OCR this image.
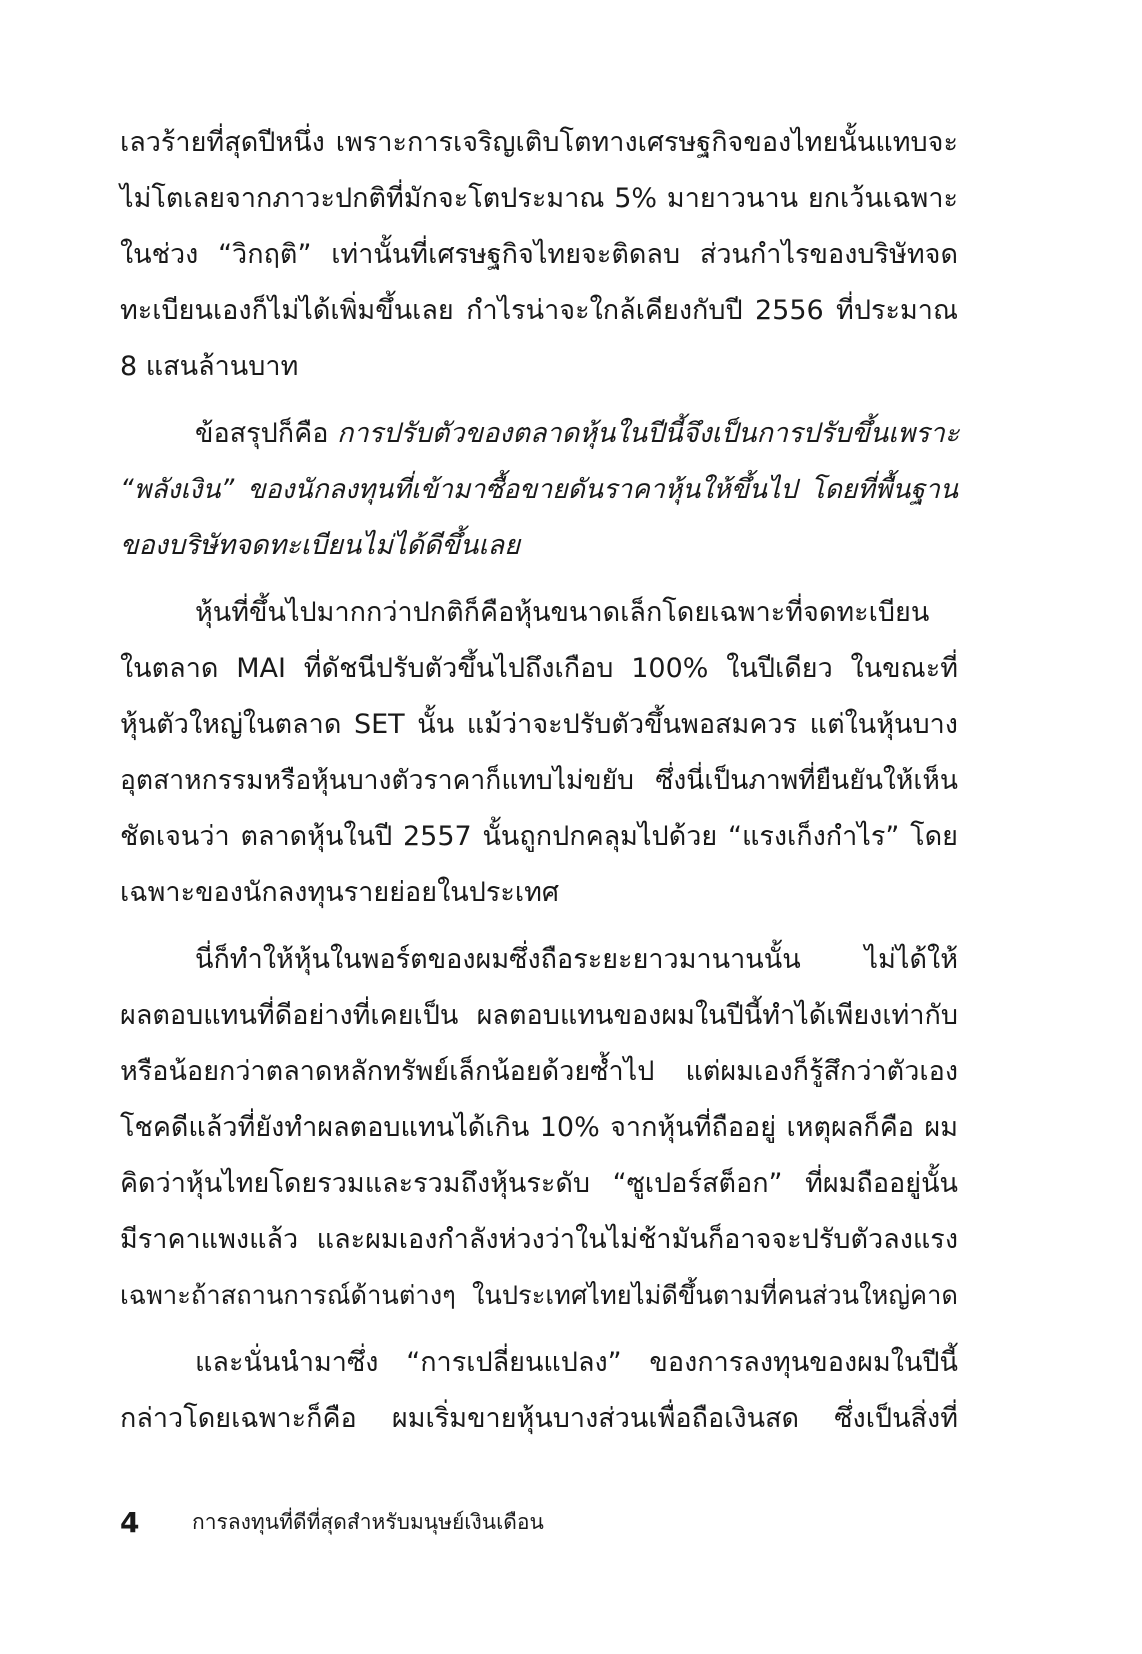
เลวร้ายที่สุดปีหนึ่ง เพราะการเจริญเติบโตทางเศรษฐกิจของไทยนั้นแทบจะ
ไม่โตเลยจากภาวะปกติที่มักจะโตประมาณ 5% มายาวนาน ยกเว้นเฉพาะ
ในช่วง “วิกฤติ” เท่านั้นที่เศรษฐกิจไทยจะติดลบ ส่วนกำไรของบริษัทจด
ทะเบียนเองก็ไม่ได้เพิ่มขึ้นเลย กำไรน่าจะใกล้เคียงกับปี 2556 ที่ประมาณ
8 แสนล้านบาท
ข้อสรุปก็คือ การปรับตัวของตลาดหุ้นในปีนี้จึงเป็นการปรับขึ้นเพราะ
“พลังเงิน” ของนักลงทุนที่เข้ามาซื้อขายดันราคาหุ้นให้ขึ้นไป โดยที่พื้นฐาน
ของบริษัทจดทะเบียนไม่ได้ดีขึ้นเลย
หุ้นที่ขึ้นไปมากกว่าปกติก็คือหุ้นขนาดเล็กโดยเฉพาะที่จดทะเบียน
ในตลาด MAI ที่ดัชนีปรับตัวขึ้นไปถึงเกือบ 100% ในปีเดียว ในขณะที่
หุ้นตัวใหญ่ในตลาด SET นั้น แม้ว่าจะปรับตัวขึ้นพอสมควร แต่ในหุ้นบาง
อุตสาหกรรมหรือหุ้นบางตัวราคาก็แทบไม่ขยับ ซึ่งนี่เป็นภาพที่ยืนยันให้เห็น
ชัดเจนว่า ตลาดหุ้นในปี 2557 นั้นถูกปกคลุมไปด้วย “แรงเก็งกำไร” โดย
เฉพาะของนักลงทุนรายย่อยในประเทศ
นี่ก็ทำให้หุ้นในพอร์ตของผมซึ่งถือระยะยาวมานานนั้น ไม่ได้ให้
ผลตอบแทนที่ดีอย่างที่เคยเป็น ผลตอบแทนของผมในปีนี้ทำได้เพียงเท่ากับ
หรือน้อยกว่าตลาดหลักทรัพย์เล็กน้อยด้วยซ้ำไป แต่ผมเองก็รู้สึกว่าตัวเอง
โชคดีแล้วที่ยังทำผลตอบแทนได้เกิน 10% จากหุ้นที่ถืออยู่ เหตุผลก็คือ ผม
คิดว่าหุ้นไทยโดยรวมและรวมถึงหุ้นระดับ “ซูเปอร์สต็อก” ที่ผมถืออยู่นั้น
มีราคาแพงแล้ว และผมเองกำลังห่วงว่าในไม่ช้ามันก็อาจจะปรับตัวลงแรง
เฉพาะถ้าสถานการณ์ด้านต่างๆ ในประเทศไทยไม่ดีขึ้นตามที่คนส่วนใหญ่คาด
และนั่นนำมาซึ่ง “การเปลี่ยนแปลง” ของการลงทุนของผมในปีนี้
กล่าวโดยเฉพาะก็คือ ผมเริ่มขายหุ้นบางส่วนเพื่อถือเงินสด ซึ่งเป็นสิ่งที่
4	การลงทุนที่ดีที่สุดสำหรับมนุษย์เงินเดือน
